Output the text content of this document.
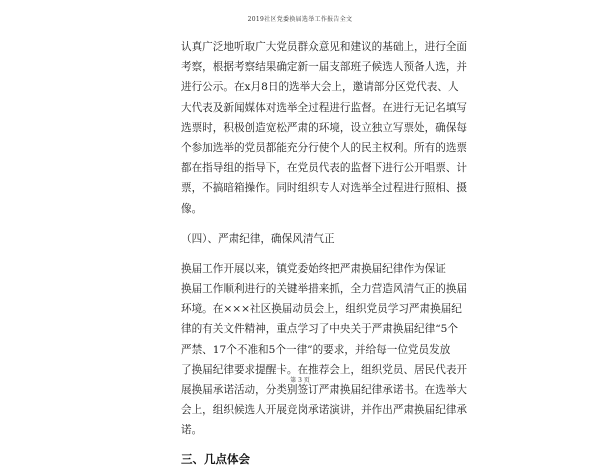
2019社区党委换届选举工作报告全文
认真广泛地听取广大党员群众意见和建议的基础上，进行全面
考察，根据考察结果确定新一届支部班子候选人预备人选，并
进行公示。在x月8日的选举大会上，邀请部分区党代表、人
大代表及新闻媒体对选举全过程进行监督。在进行无记名填写
选票时，积极创造宽松严肃的环境，设立独立写票处，确保每
个参加选举的党员都能充分行使个人的民主权利。所有的选票
都在指导组的指导下，在党员代表的监督下进行公开唱票、计
票，不搞暗箱操作。同时组织专人对选举全过程进行照相、摄
像。
（四）、严肃纪律，确保风清气正
换届工作开展以来，镇党委始终把严肃换届纪律作为保证
换届工作顺利进行的关键举措来抓，全力营造风清气正的换届
环境。在×××社区换届动员会上，组织党员学习严肃换届纪
律的有关文件精神，重点学习了中央关于严肃换届纪律“5个
严禁、17个不准和5个一律”的要求，并给每一位党员发放
了换届纪律要求提醒卡。在推荐会上，组织党员、居民代表开
展换届承诺活动，分类别签订严肃换届纪律承诺书。在选举大
会上，组织候选人开展竞岗承诺演讲，并作出严肃换届纪律承
诺。
三、几点体会
第 3 页
